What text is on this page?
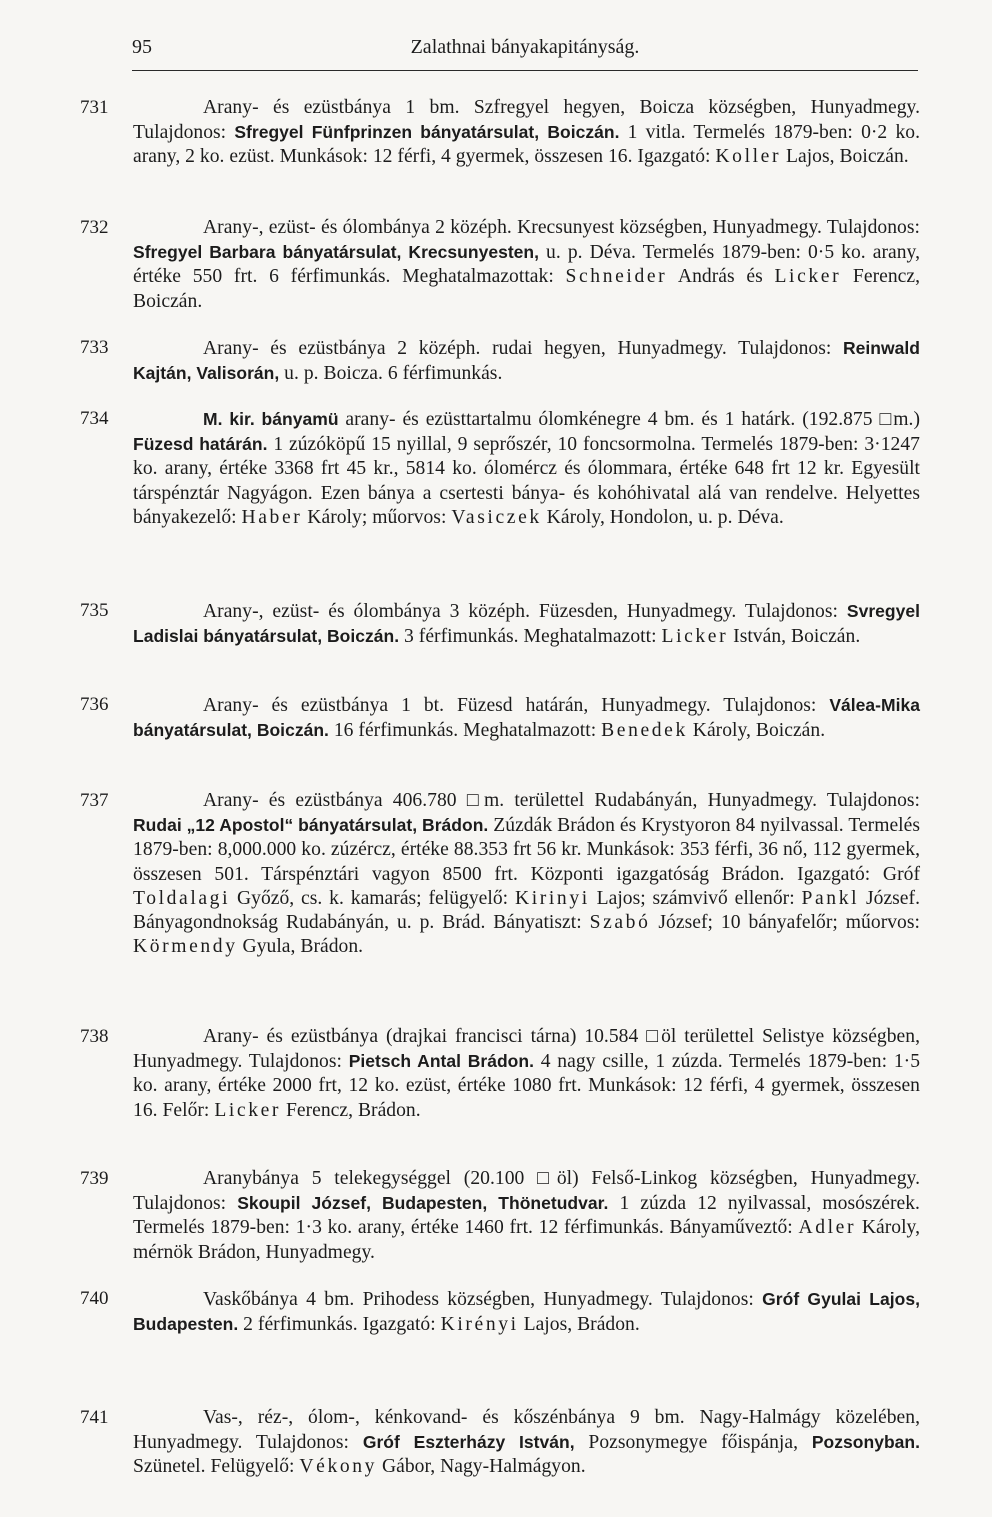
95	Zalathnai bányakapitányság.
731	Arany- és ezüstbánya 1 bm. Szfregyel hegyen, Boicza községben, Hunyadmegy. Tulajdonos: Sfregyel Fünfprinzen bányatársulat, Boiczán. 1 vitla. Termelés 1879-ben: 0·2 ko. arany, 2 ko. ezüst. Munkások: 12 férfi, 4 gyermek, összesen 16. Igazgató: Koller Lajos, Boiczán.

732	Arany-, ezüst- és ólombánya 2 középh. Krecsunyest községben, Hunyadmegy. Tulajdonos: Sfregyel Barbara bányatársulat, Krecsunyesten, u. p. Déva. Termelés 1879-ben: 0·5 ko. arany, értéke 550 frt. 6 férfimunkás. Meghatalmazottak: Schneider András és Licker Ferencz, Boiczán.

733	Arany- és ezüstbánya 2 középh. rudai hegyen, Hunyadmegy. Tulajdonos: Reinwald Kajtán, Valisorán, u. p. Boicza. 6 férfimunkás.

734	M. kir. bányamü arany- és ezüsttartalmu ólomkénegre 4 bm. és 1 határk. (192.875 □m.) Füzesd határán. 1 zúzóköpű 15 nyillal, 9 seprőszér, 10 foncsormolna. Termelés 1879-ben: 3·1247 ko. arany, értéke 3368 frt 45 kr., 5814 ko. ólomércz és ólommara, értéke 648 frt 12 kr. Egyesült társpénztár Nagyágon. Ezen bánya a csertesti bánya- és kohóhivatal alá van rendelve. Helyettes bányakezelő: Haber Károly; műorvos: Vasiczek Károly, Hondolon, u. p. Déva.

735	Arany-, ezüst- és ólombánya 3 középh. Füzesden, Hunyadmegy. Tulajdonos: Svregyel Ladislai bányatársulat, Boiczán. 3 férfimunkás. Meghatalmazott: Licker István, Boiczán.

736	Arany- és ezüstbánya 1 bt. Füzesd határán, Hunyadmegy. Tulajdonos: Válea-Mika bányatársulat, Boiczán. 16 férfimunkás. Meghatalmazott: Benedek Károly, Boiczán.

737	Arany- és ezüstbánya 406.780 □m. területtel Rudabányán, Hunyadmegy. Tulajdonos: Rudai „12 Apostol“ bányatársulat, Brádon. Zúzdák Brádon és Krystyoron 84 nyilvassal. Termelés 1879-ben: 8,000.000 ko. zúzércz, értéke 88.353 frt 56 kr. Munkások: 353 férfi, 36 nő, 112 gyermek, összesen 501. Társpénztári vagyon 8500 frt. Központi igazgatóság Brádon. Igazgató: Gróf Toldalagi Győző, cs. k. kamarás; felügyelő: Kirinyi Lajos; számvivő ellenőr: Pankl József. Bányagondnokság Rudabányán, u. p. Brád. Bányatiszt: Szabó József; 10 bányafelőr; műorvos: Körmendy Gyula, Brádon.

738	Arany- és ezüstbánya (drajkai francisci tárna) 10.584 □öl területtel Selistye községben, Hunyadmegy. Tulajdonos: Pietsch Antal Brádon. 4 nagy csille, 1 zúzda. Termelés 1879-ben: 1·5 ko. arany, értéke 2000 frt, 12 ko. ezüst, értéke 1080 frt. Munkások: 12 férfi, 4 gyermek, összesen 16. Felőr: Licker Ferencz, Brádon.

739	Aranybánya 5 telekegységgel (20.100 □öl) Felső-Linkog községben, Hunyadmegy. Tulajdonos: Skoupil József, Budapesten, Thönetudvar. 1 zúzda 12 nyilvassal, mosószérek. Termelés 1879-ben: 1·3 ko. arany, értéke 1460 frt. 12 férfimunkás. Bányaműveztő: Adler Károly, mérnök Brádon, Hunyadmegy.

740	Vaskőbánya 4 bm. Prihodess községben, Hunyadmegy. Tulajdonos: Gróf Gyulai Lajos, Budapesten. 2 férfimunkás. Igazgató: Kirényi Lajos, Brádon.

741	Vas-, réz-, ólom-, kénkovand- és kőszénbánya 9 bm. Nagy-Halmágy közelében, Hunyadmegy. Tulajdonos: Gróf Eszterházy István, Pozsonymegye főispánja, Pozsonyban. Szünetel. Felügyelő: Vékony Gábor, Nagy-Halmágyon.
